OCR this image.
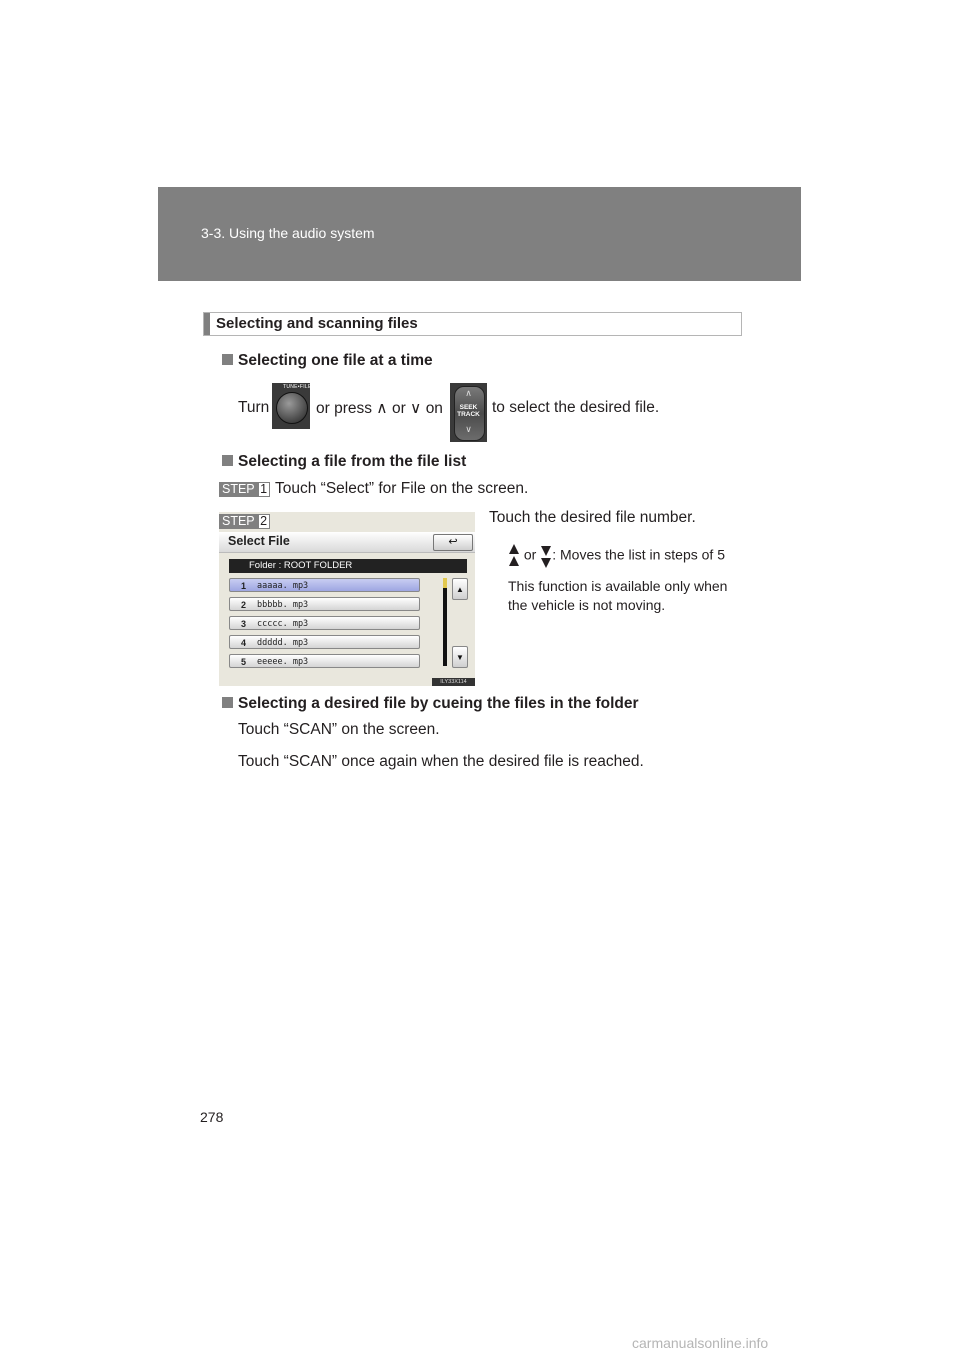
3-3. Using the audio system
Selecting and scanning files
Selecting one file at a time
Turn
TUNE•FILE
or press ∧ or ∨ on
∧
SEEK
TRACK
∨
to select the desired file.
Selecting a file from the file list
STEP 1 Touch “Select” for File on the screen.
Select File	↩
Folder : ROOT FOLDER
1 aaaaa. mp3
2 bbbbb. mp3
3 ccccc. mp3
4 ddddd. mp3
5 eeeee. mp3
▲
▼
ILY33X114
STEP 2	Touch the desired file number.
or : Moves the list in steps of 5
This function is available only when
the vehicle is not moving.
Selecting a desired file by cueing the files in the folder
Touch “SCAN” on the screen.
Touch “SCAN” once again when the desired file is reached.
278
carmanualsonline.info
